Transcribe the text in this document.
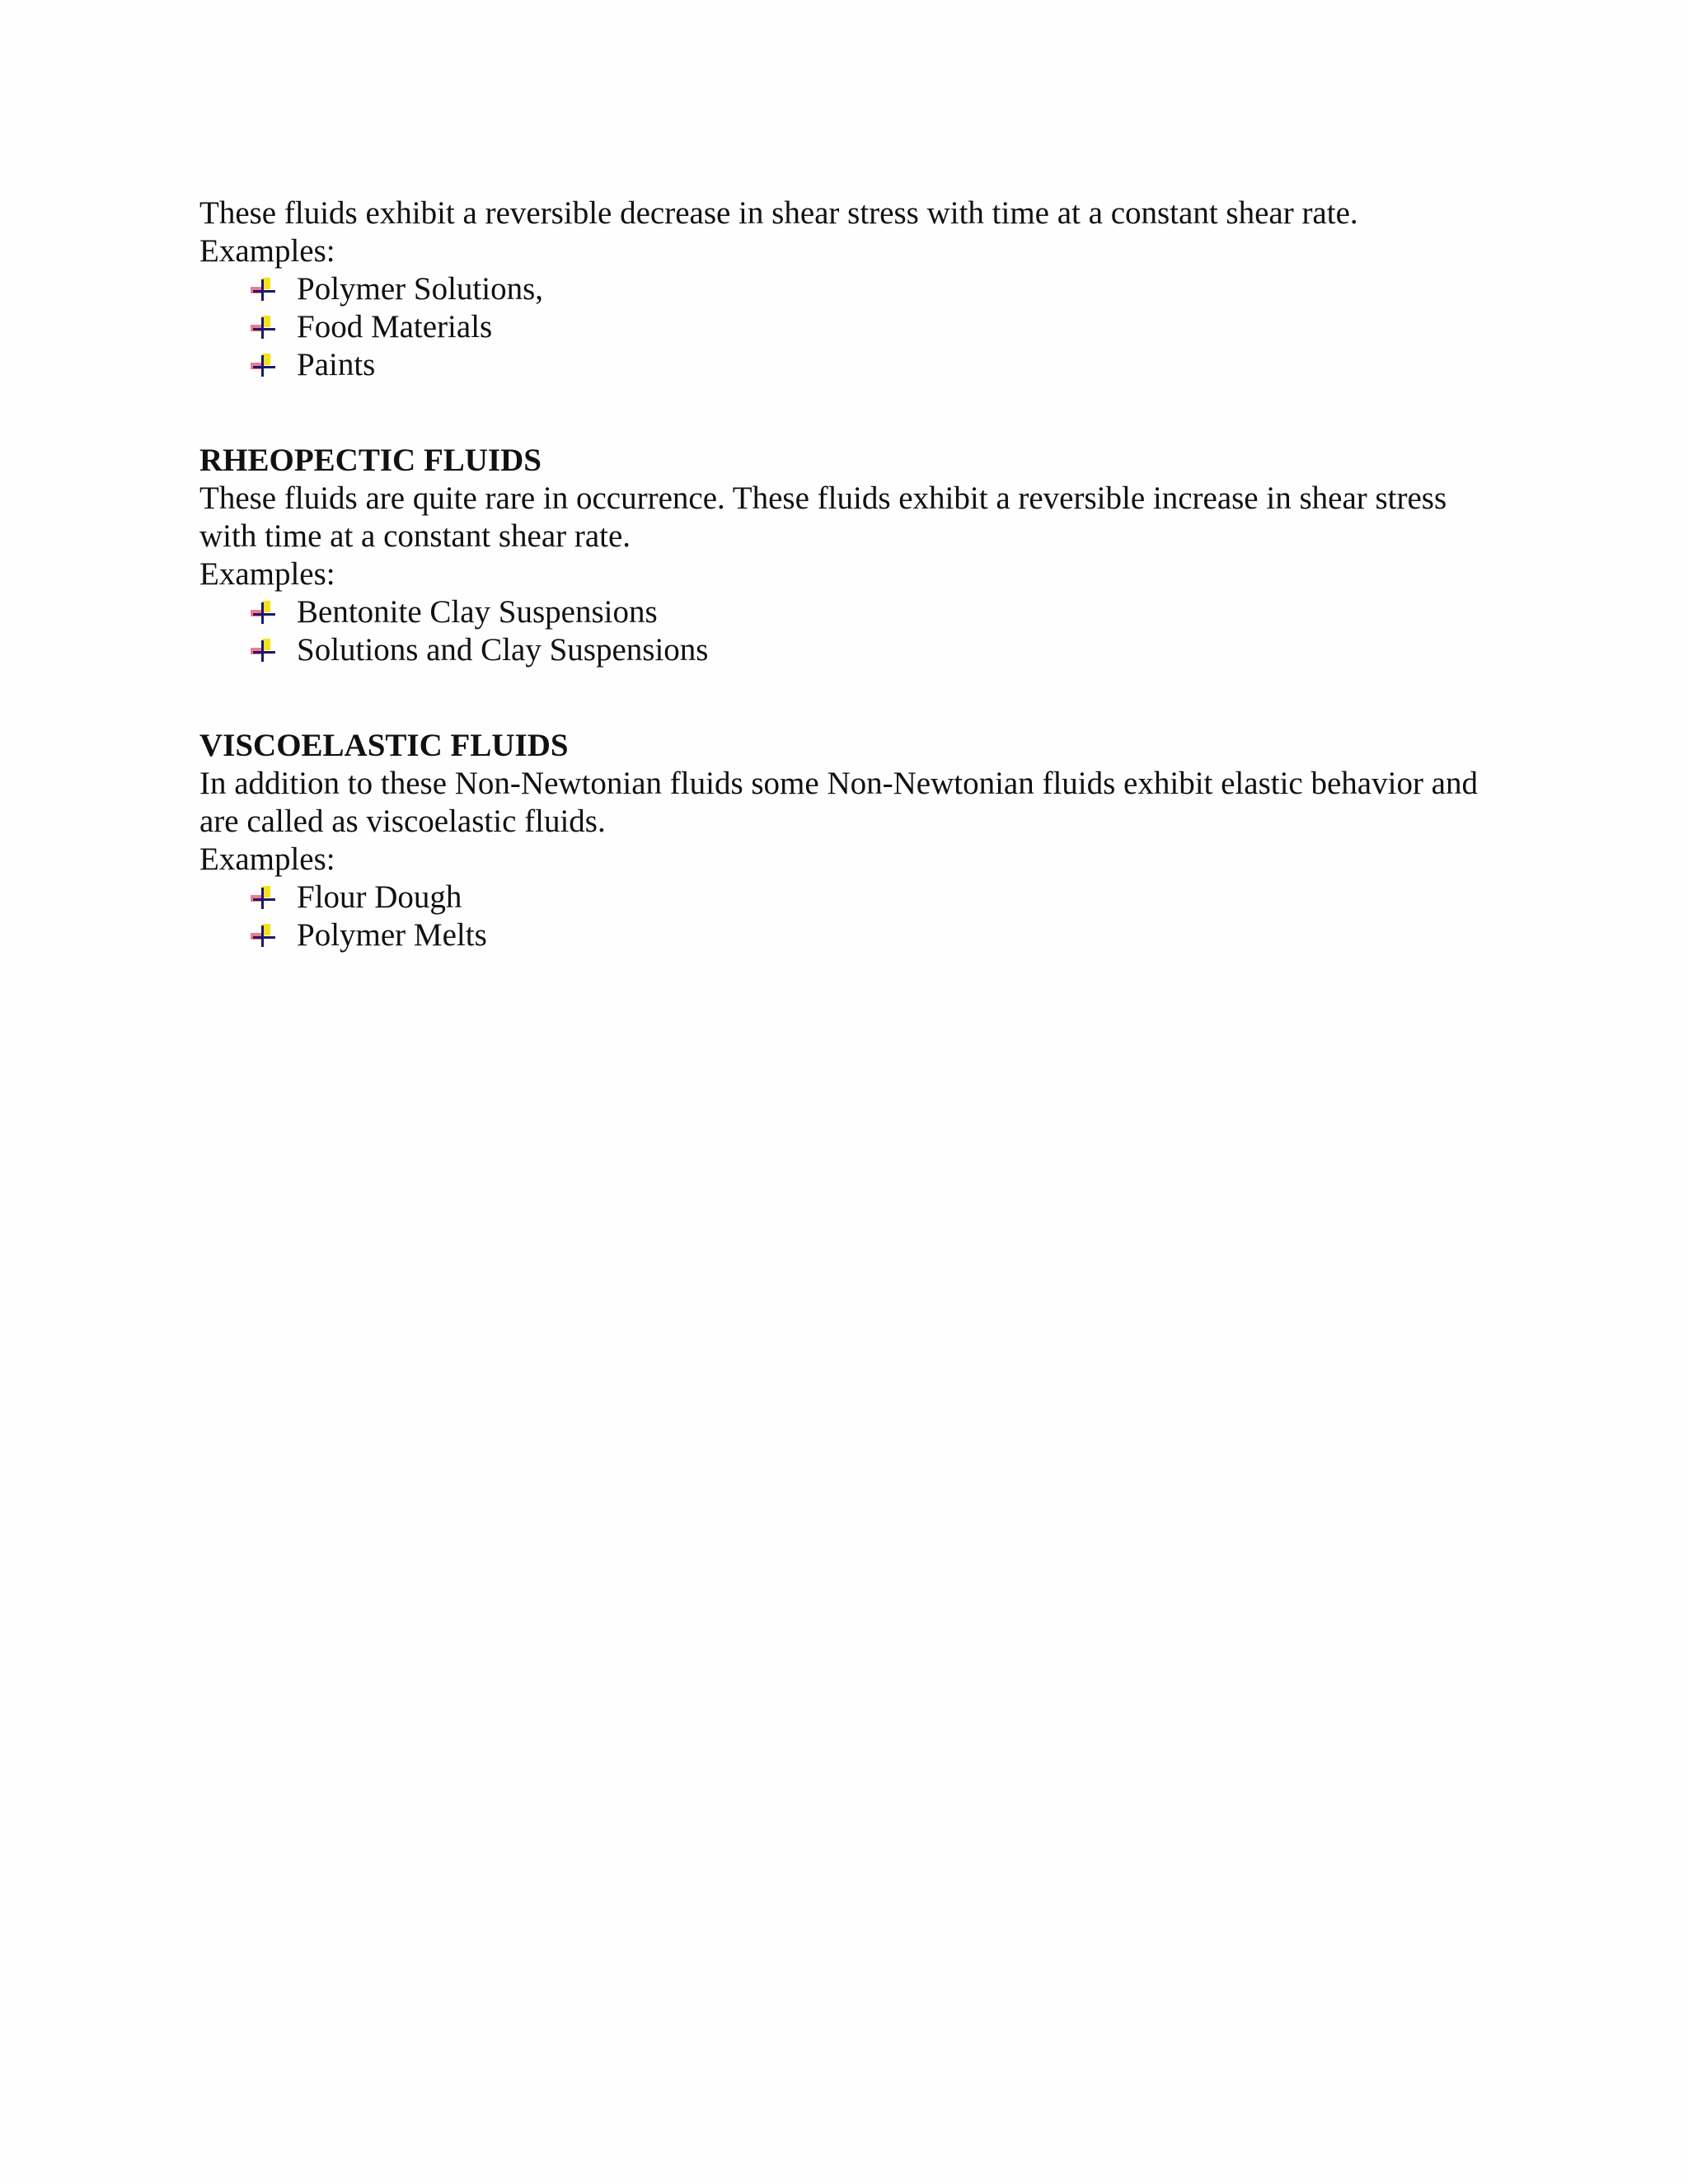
These fluids exhibit a reversible decrease in shear stress with time at a constant shear rate.

Examples:

Polymer Solutions,
Food Materials
Paints

RHEOPECTIC FLUIDS

These fluids are quite rare in occurrence. These fluids exhibit a reversible increase in shear stress with time at a constant shear rate.

Examples:

Bentonite Clay Suspensions
Solutions and Clay Suspensions

VISCOELASTIC FLUIDS

In addition to these Non-Newtonian fluids some Non-Newtonian fluids exhibit elastic behavior and are called as viscoelastic fluids.

Examples:

Flour Dough
Polymer Melts
